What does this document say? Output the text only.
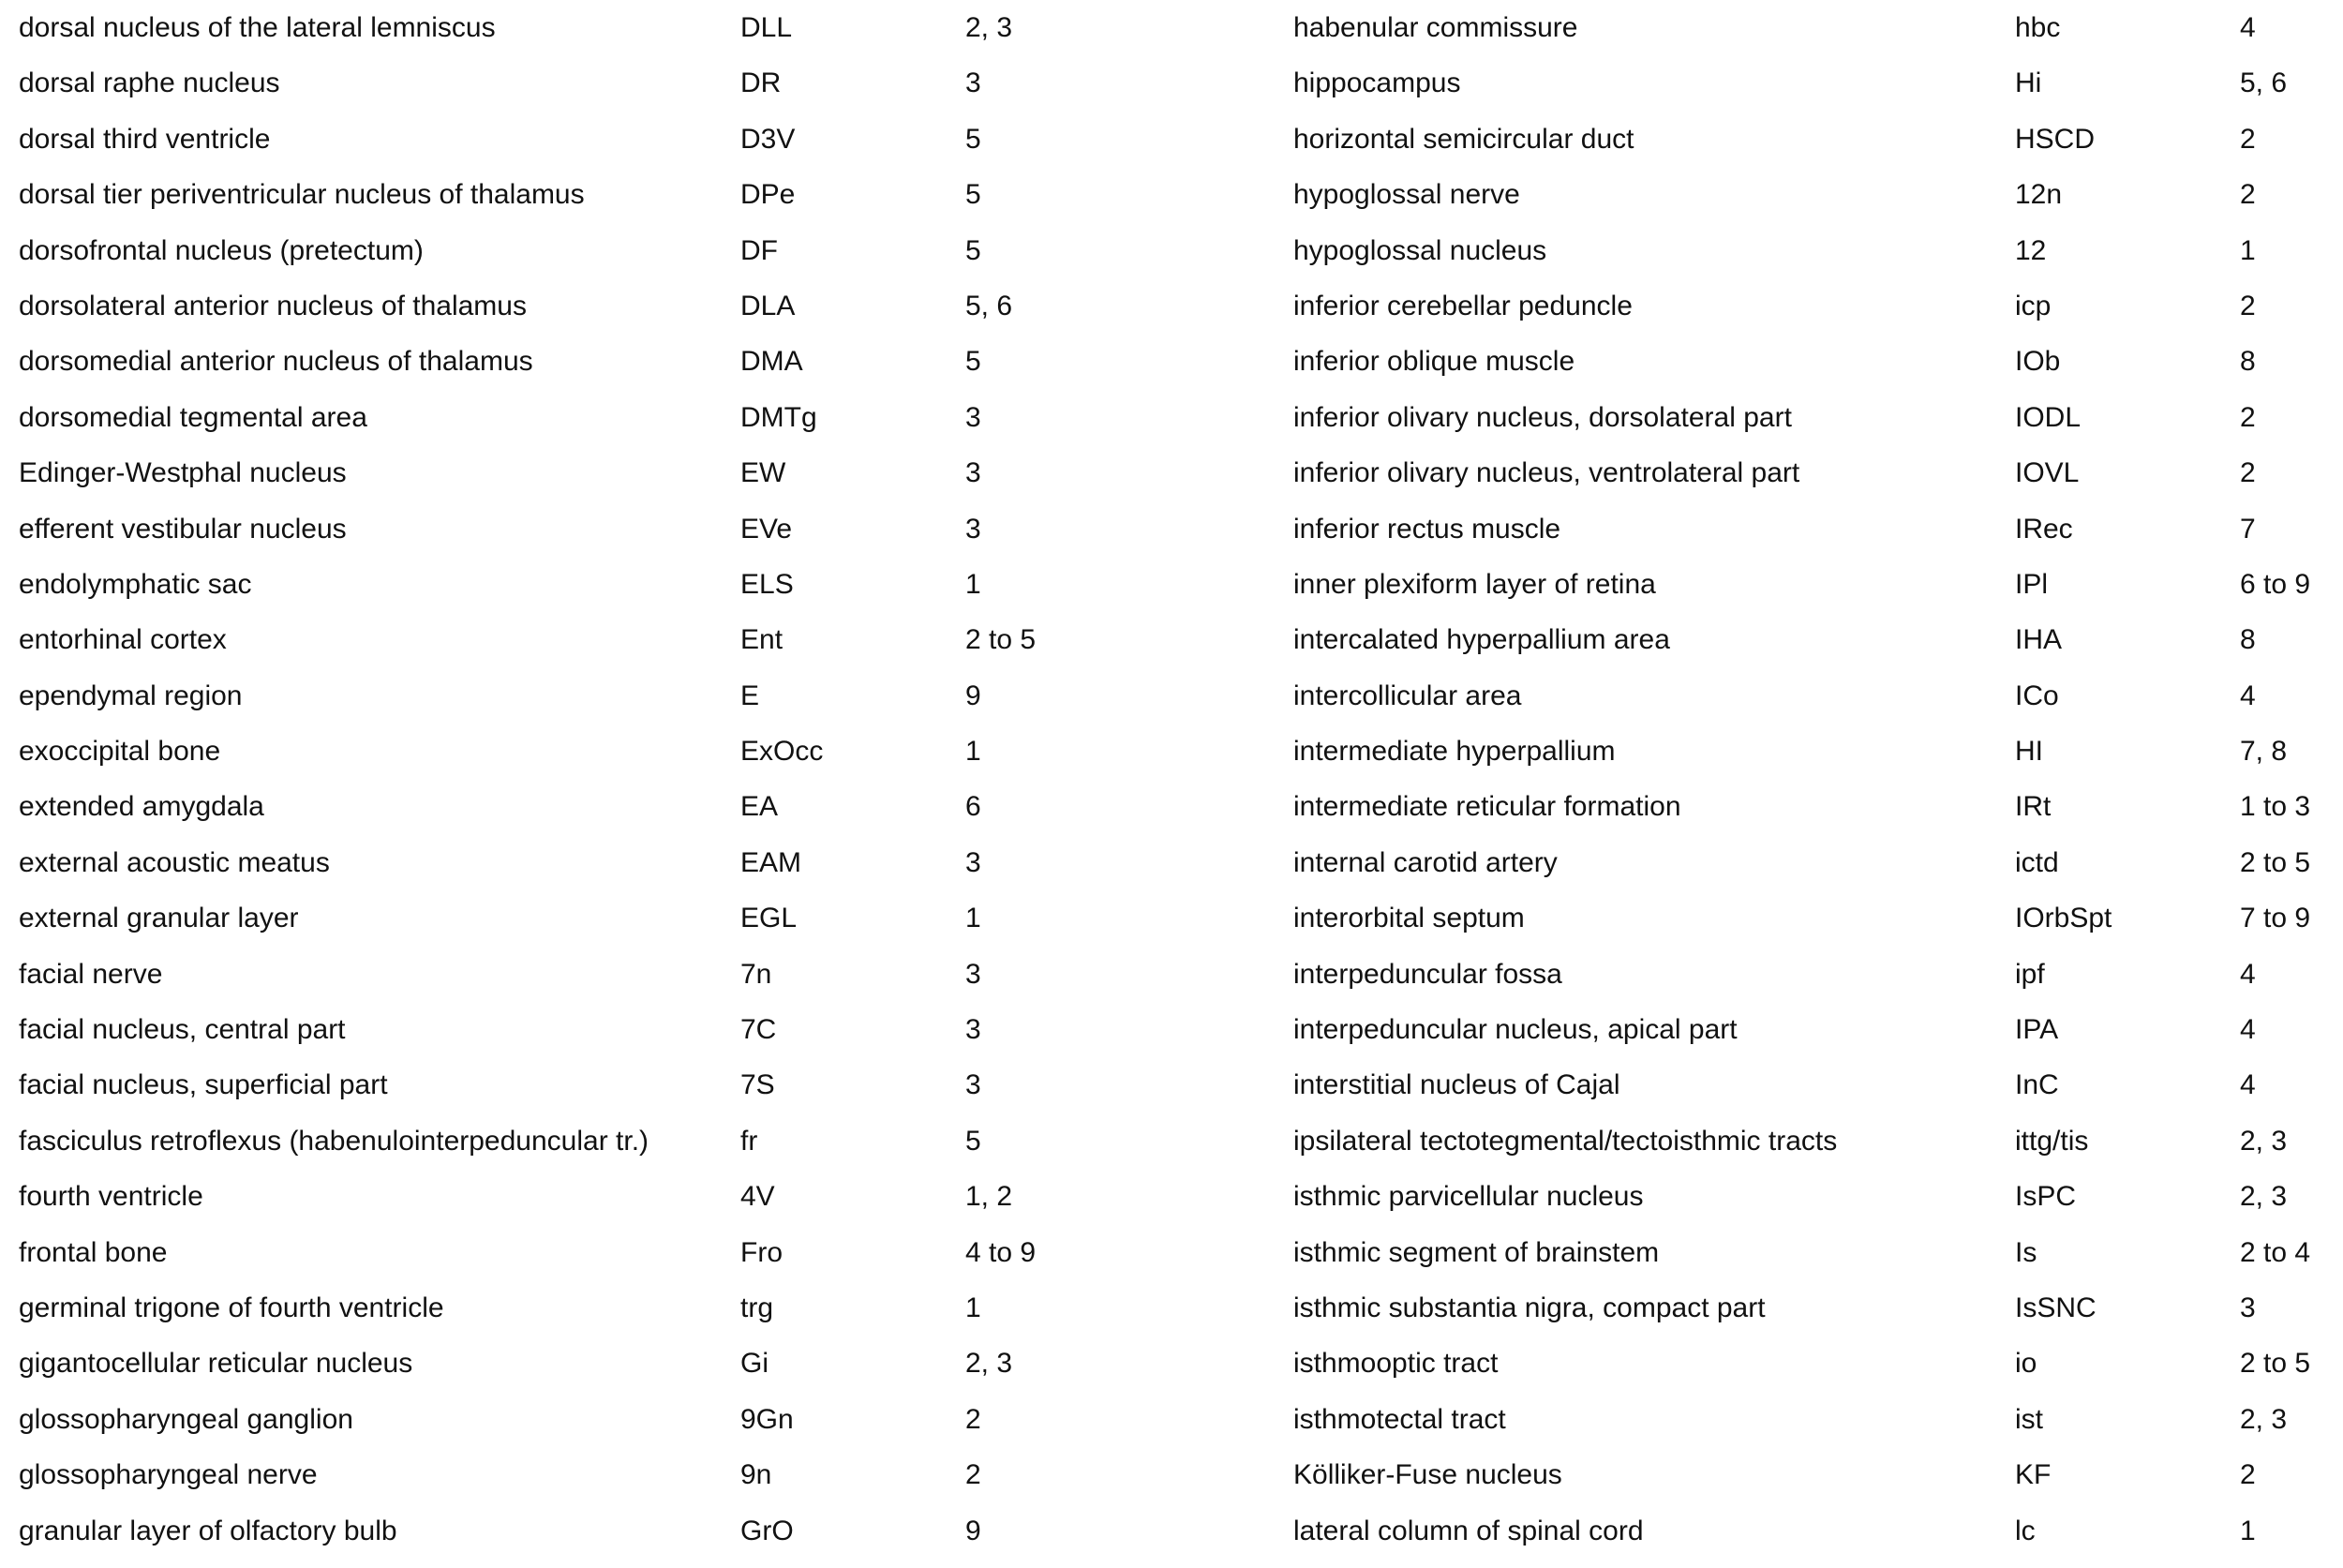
dorsal nucleus of the lateral lemniscus	DLL	2, 3
dorsal raphe nucleus	DR	3
dorsal third ventricle	D3V	5
dorsal tier periventricular nucleus of thalamus	DPe	5
dorsofrontal nucleus (pretectum)	DF	5
dorsolateral anterior nucleus of thalamus	DLA	5, 6
dorsomedial anterior nucleus of thalamus	DMA	5
dorsomedial tegmental area	DMTg	3
Edinger-Westphal nucleus	EW	3
efferent vestibular nucleus	EVe	3
endolymphatic sac	ELS	1
entorhinal cortex	Ent	2 to 5
ependymal region	E	9
exoccipital bone	ExOcc	1
extended amygdala	EA	6
external acoustic meatus	EAM	3
external granular layer	EGL	1
facial nerve	7n	3
facial nucleus, central part	7C	3
facial nucleus, superficial part	7S	3
fasciculus retroflexus (habenulointerpeduncular tr.)	fr	5
fourth ventricle	4V	1, 2
frontal bone	Fro	4 to 9
germinal trigone of fourth ventricle	trg	1
gigantocellular reticular nucleus	Gi	2, 3
glossopharyngeal ganglion	9Gn	2
glossopharyngeal nerve	9n	2
granular layer of olfactory bulb	GrO	9
habenular commissure	hbc	4
hippocampus	Hi	5, 6
horizontal semicircular duct	HSCD	2
hypoglossal nerve	12n	2
hypoglossal nucleus	12	1
inferior cerebellar peduncle	icp	2
inferior oblique muscle	IOb	8
inferior olivary nucleus, dorsolateral part	IODL	2
inferior olivary nucleus, ventrolateral part	IOVL	2
inferior rectus muscle	IRec	7
inner plexiform layer of retina	IPl	6 to 9
intercalated hyperpallium area	IHA	8
intercollicular area	ICo	4
intermediate hyperpallium	HI	7, 8
intermediate reticular formation	IRt	1 to 3
internal carotid artery	ictd	2 to 5
interorbital septum	IOrbSpt	7 to 9
interpeduncular fossa	ipf	4
interpeduncular nucleus, apical part	IPA	4
interstitial nucleus of Cajal	InC	4
ipsilateral tectotegmental/tectoisthmic tracts	ittg/tis	2, 3
isthmic parvicellular nucleus	IsPC	2, 3
isthmic segment of brainstem	Is	2 to 4
isthmic substantia nigra, compact part	IsSNC	3
isthmooptic tract	io	2 to 5
isthmotectal tract	ist	2, 3
Kölliker-Fuse nucleus	KF	2
lateral column of spinal cord	lc	1
